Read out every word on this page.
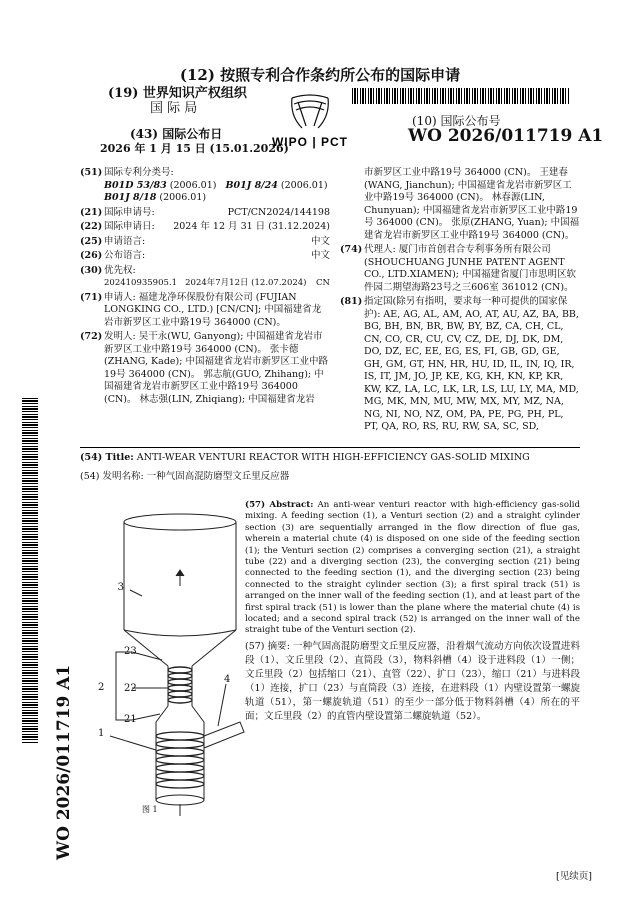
(12) 按照专利合作条约所公布的国际申请
(19) 世界知识产权组织
国 际 局
(43) 国际公布日
2026 年 1 月 15 日 (15.01.2026)
WIPO | PCT
(10) 国际公布号
WO 2026/011719 A1
WO 2026/011719 A1
(51) 国际专利分类号:
B01D 53/83 (2006.01) B01J 8/24 (2006.01)
B01J 8/18 (2006.01)
(21) 国际申请号:	PCT/CN2024/144198
(22) 国际申请日: 2024 年 12 月 31 日 (31.12.2024)
(25) 申请语言:	中文
(26) 公布语言:	中文
(30) 优先权:
202410935905.1 2024年7月12日 (12.07.2024) CN
(71) 申请人: 福建龙净环保股份有限公司 (FUJIAN LONGKING CO., LTD.) [CN/CN]; 中国福建省龙岩市新罗区工业中路19号 364000 (CN)。
(72) 发明人: 吴干永(WU, Ganyong); 中国福建省龙岩市新罗区工业中路19号 364000 (CN)。 张卡德(ZHANG, Kade); 中国福建省龙岩市新罗区工业中路19号 364000 (CN)。 郭志航(GUO, Zhihang); 中国福建省龙岩市新罗区工业中路19号 364000 (CN)。 林志强(LIN, Zhiqiang); 中国福建省龙岩
市新罗区工业中路19号 364000 (CN)。 王建春(WANG, Jianchun); 中国福建省龙岩市新罗区工业中路19号 364000 (CN)。 林春源(LIN, Chunyuan); 中国福建省龙岩市新罗区工业中路19号 364000 (CN)。 张原(ZHANG, Yuan); 中国福建省龙岩市新罗区工业中路19号 364000 (CN)。
(74) 代理人: 厦门市首创君合专利事务所有限公司 (SHOUCHUANG JUNHE PATENT AGENT CO., LTD.XIAMEN); 中国福建省厦门市思明区软件园二期望海路23号之三606室 361012 (CN)。
(81) 指定国(除另有指明，要求每一种可提供的国家保护): AE, AG, AL, AM, AO, AT, AU, AZ, BA, BB, BG, BH, BN, BR, BW, BY, BZ, CA, CH, CL, CN, CO, CR, CU, CV, CZ, DE, DJ, DK, DM, DO, DZ, EC, EE, EG, ES, FI, GB, GD, GE, GH, GM, GT, HN, HR, HU, ID, IL, IN, IQ, IR, IS, IT, JM, JO, JP, KE, KG, KH, KN, KP, KR, KW, KZ, LA, LC, LK, LR, LS, LU, LY, MA, MD, MG, MK, MN, MU, MW, MX, MY, MZ, NA, NG, NI, NO, NZ, OM, PA, PE, PG, PH, PL, PT, QA, RO, RS, RU, RW, SA, SC, SD,
(54) Title: ANTI-WEAR VENTURI REACTOR WITH HIGH-EFFICIENCY GAS-SOLID MIXING
(54) 发明名称: 一种气固高混防磨型文丘里反应器
3
23
2 22
21
1
4
图 1
(57) Abstract: An anti-wear venturi reactor with high-efficiency gas-solid mixing. A feeding section (1), a Venturi section (2) and a straight cylinder section (3) are sequentially arranged in the flow direction of flue gas, wherein a material chute (4) is disposed on one side of the feeding section (1); the Venturi section (2) comprises a converging section (21), a straight tube (22) and a diverging section (23), the converging section (21) being connected to the feeding section (1), and the diverging section (23) being connected to the straight cylinder section (3); a first spiral track (51) is arranged on the inner wall of the feeding section (1), and at least part of the first spiral track (51) is lower than the plane where the material chute (4) is located; and a second spiral track (52) is arranged on the inner wall of the straight tube of the Venturi section (2).
(57) 摘要: 一种气固高混防磨型文丘里反应器，沿着烟气流动方向依次设置进料段（1）、文丘里段（2）、直筒段（3），物料斜槽（4）设于进料段（1）一侧；文丘里段（2）包括缩口（21）、直管（22）、扩口（23），缩口（21）与进料段（1）连接，扩口（23）与直筒段（3）连接，在进料段（1）内壁设置第一螺旋轨道（51），第一螺旋轨道（51）的至少一部分低于物料斜槽（4）所在的平面；文丘里段（2）的直管内壁设置第二螺旋轨道（52）。
[见续页]
